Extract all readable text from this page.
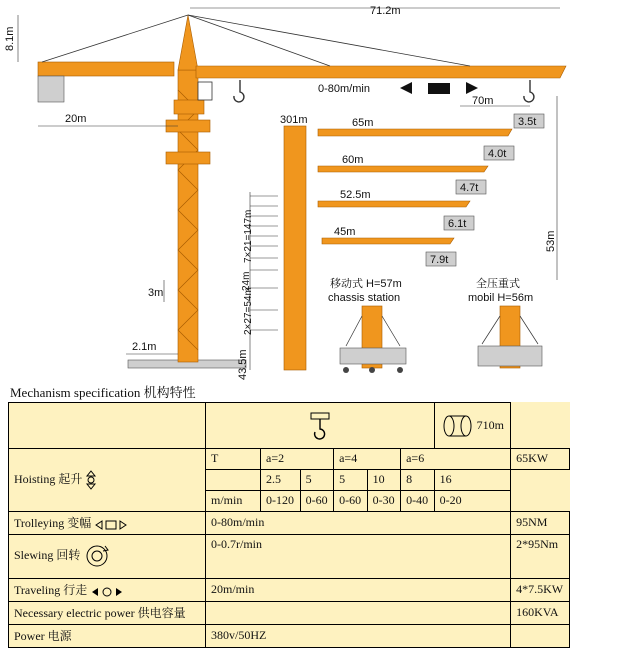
71.2m
8.1m
20m
0-80m/min
70m
2.1m
3m
301m
7×21=147m
24m
2×27=54m
43.5m
65m	3.5t
4.0t
60m
4.7t
52.5m
6.1t
45m
7.9t
53m
移动式 H=57m
chassis station
全压重式
mobil H=56m
Mechanism specification 机构特性
		710m	
Hoisting 起升	T	a=2		a=4		a=6		65KW
		2.5	5	5	10	8	16	
	m/min	0-120	0-60	0-60	0-30	0-40	0-20	
Trolleying 变幅	0-80m/min							95NM
Slewing 回转	0-0.7r/min							2*95Nm
Traveling 行走	20m/min							4*7.5KW
Necessary electric power 供电容量								160KVA
Power 电源	380v/50HZ							
